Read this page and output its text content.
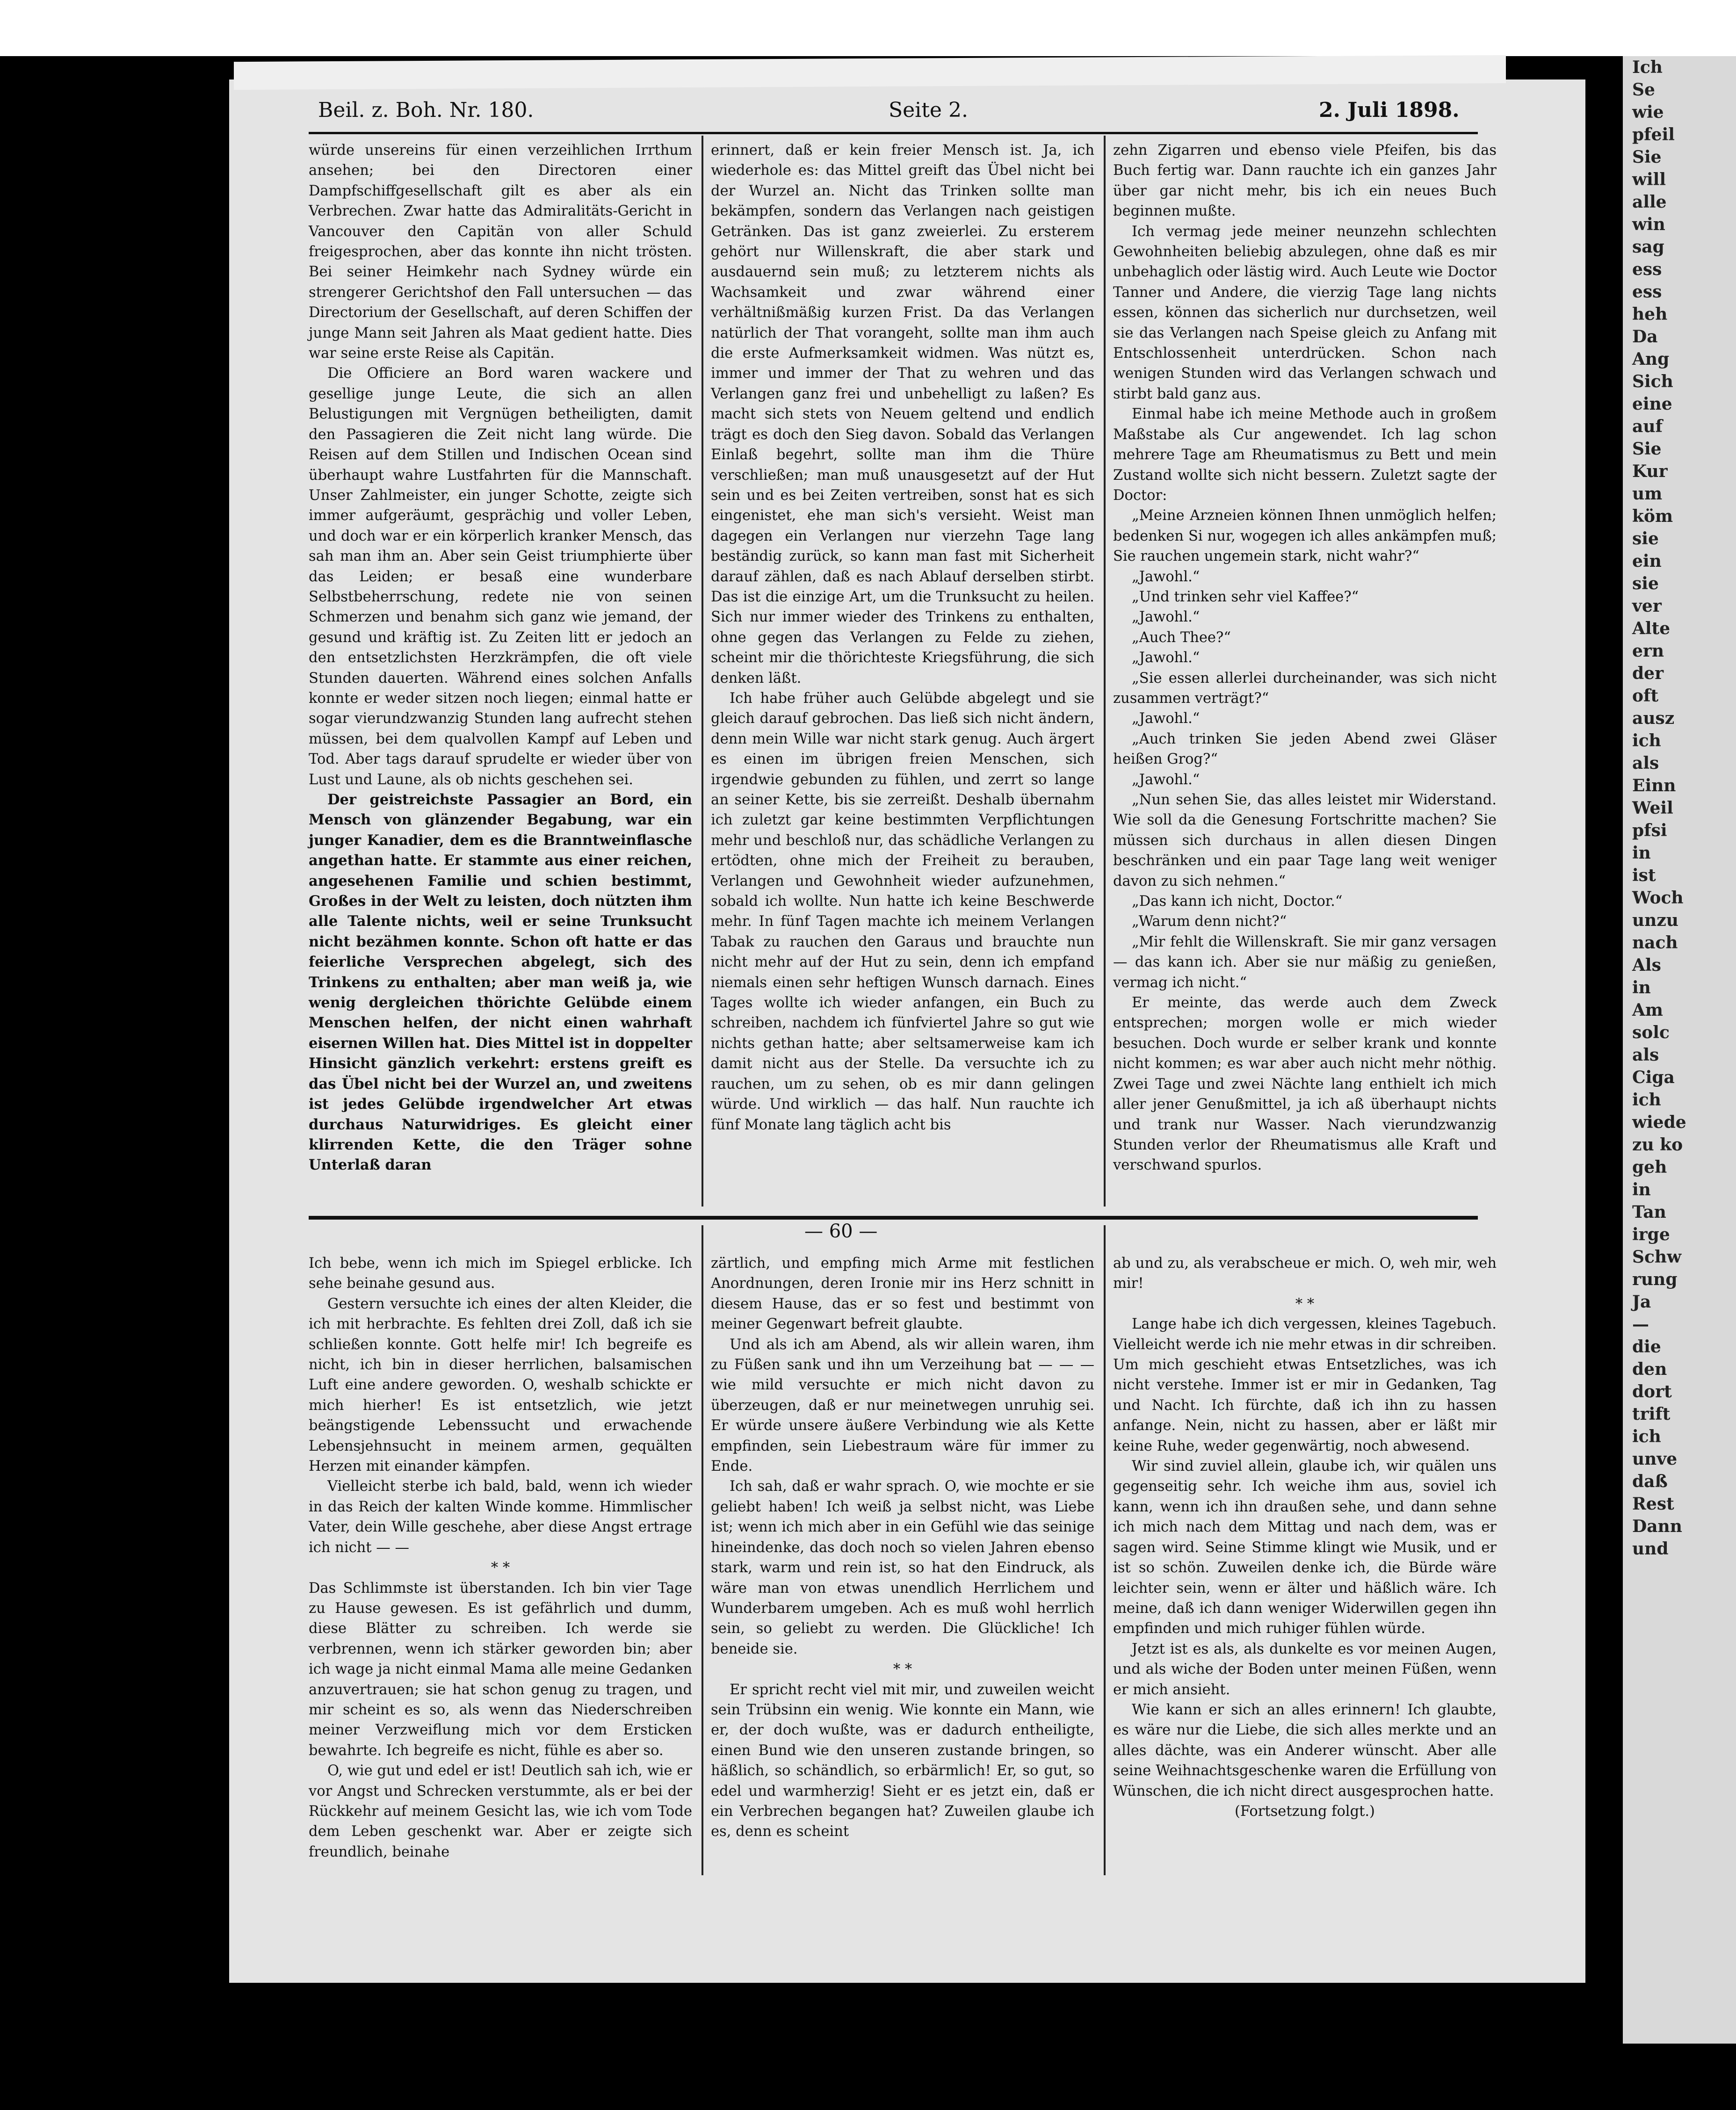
Ich
Se
wie
pfeil
Sie
will
alle
win
sag
ess
ess
heh
Da
Ang
Sich
eine
auf
Sie
Kur
um
köm
sie
ein
sie
ver
Alte
ern
der
oft
ausz
ich
als
Einn
Weil
pfsi
in
ist
Woch
unzu
nach
Als
in
Am
solc
als
Ciga
ich
wiede
zu ko
geh
in
Tan
irge
Schw
rung
Ja
—
die
den
dort
trift
ich
unve
daß
Rest
Dann
und
Beil. z. Boh. Nr. 180.	Seite 2.	2. Juli 1898.

würde unsereins für einen verzeihlichen Irrthum ansehen; bei den Directoren einer Dampfschiffgesellschaft gilt es aber als ein Verbrechen. Zwar hatte das Admiralitäts-Gericht in Vancouver den Capitän von aller Schuld freigesprochen, aber das konnte ihn nicht trösten. Bei seiner Heimkehr nach Sydney würde ein strengerer Gerichtshof den Fall untersuchen — das Directorium der Gesellschaft, auf deren Schiffen der junge Mann seit Jahren als Maat gedient hatte. Dies war seine erste Reise als Capitän.

Die Officiere an Bord waren wackere und gesellige junge Leute, die sich an allen Belustigungen mit Vergnügen betheiligten, damit den Passagieren die Zeit nicht lang würde. Die Reisen auf dem Stillen und Indischen Ocean sind überhaupt wahre Lustfahrten für die Mannschaft. Unser Zahlmeister, ein junger Schotte, zeigte sich immer aufgeräumt, gesprächig und voller Leben, und doch war er ein körperlich kranker Mensch, das sah man ihm an. Aber sein Geist triumphierte über das Leiden; er besaß eine wunderbare Selbstbeherrschung, redete nie von seinen Schmerzen und benahm sich ganz wie jemand, der gesund und kräftig ist. Zu Zeiten litt er jedoch an den entsetzlichsten Herzkrämpfen, die oft viele Stunden dauerten. Während eines solchen Anfalls konnte er weder sitzen noch liegen; einmal hatte er sogar vierundzwanzig Stunden lang aufrecht stehen müssen, bei dem qualvollen Kampf auf Leben und Tod. Aber tags darauf sprudelte er wieder über von Lust und Laune, als ob nichts geschehen sei.

Der geistreichste Passagier an Bord, ein Mensch von glänzender Begabung, war ein junger Kanadier, dem es die Branntweinflasche angethan hatte. Er stammte aus einer reichen, angesehenen Familie und schien bestimmt, Großes in der Welt zu leisten, doch nützten ihm alle Talente nichts, weil er seine Trunksucht nicht bezähmen konnte. Schon oft hatte er das feierliche Versprechen abgelegt, sich des Trinkens zu enthalten; aber man weiß ja, wie wenig dergleichen thörichte Gelübde einem Menschen helfen, der nicht einen wahrhaft eisernen Willen hat. Dies Mittel ist in doppelter Hinsicht gänzlich verkehrt: erstens greift es das Übel nicht bei der Wurzel an, und zweitens ist jedes Gelübde irgendwelcher Art etwas durchaus Naturwidriges. Es gleicht einer klirrenden Kette, die den Träger sohne Unterlaß daran

erinnert, daß er kein freier Mensch ist. Ja, ich wiederhole es: das Mittel greift das Übel nicht bei der Wurzel an. Nicht das Trinken sollte man bekämpfen, sondern das Verlangen nach geistigen Getränken. Das ist ganz zweierlei. Zu ersterem gehört nur Willenskraft, die aber stark und ausdauernd sein muß; zu letzterem nichts als Wachsamkeit und zwar während einer verhältnißmäßig kurzen Frist. Da das Verlangen natürlich der That vorangeht, sollte man ihm auch die erste Aufmerksamkeit widmen. Was nützt es, immer und immer der That zu wehren und das Verlangen ganz frei und unbehelligt zu laßen? Es macht sich stets von Neuem geltend und endlich trägt es doch den Sieg davon. Sobald das Verlangen Einlaß begehrt, sollte man ihm die Thüre verschließen; man muß unausgesetzt auf der Hut sein und es bei Zeiten vertreiben, sonst hat es sich eingenistet, ehe man sich's versieht. Weist man dagegen ein Verlangen nur vierzehn Tage lang beständig zurück, so kann man fast mit Sicherheit darauf zählen, daß es nach Ablauf derselben stirbt. Das ist die einzige Art, um die Trunksucht zu heilen. Sich nur immer wieder des Trinkens zu enthalten, ohne gegen das Verlangen zu Felde zu ziehen, scheint mir die thörichteste Kriegsführung, die sich denken läßt.

Ich habe früher auch Gelübde abgelegt und sie gleich darauf gebrochen. Das ließ sich nicht ändern, denn mein Wille war nicht stark genug. Auch ärgert es einen im übrigen freien Menschen, sich irgendwie gebunden zu fühlen, und zerrt so lange an seiner Kette, bis sie zerreißt. Deshalb übernahm ich zuletzt gar keine bestimmten Verpflichtungen mehr und beschloß nur, das schädliche Verlangen zu ertödten, ohne mich der Freiheit zu berauben, Verlangen und Gewohnheit wieder aufzunehmen, sobald ich wollte. Nun hatte ich keine Beschwerde mehr. In fünf Tagen machte ich meinem Verlangen Tabak zu rauchen den Garaus und brauchte nun nicht mehr auf der Hut zu sein, denn ich empfand niemals einen sehr heftigen Wunsch darnach. Eines Tages wollte ich wieder anfangen, ein Buch zu schreiben, nachdem ich fünfviertel Jahre so gut wie nichts gethan hatte; aber seltsamerweise kam ich damit nicht aus der Stelle. Da versuchte ich zu rauchen, um zu sehen, ob es mir dann gelingen würde. Und wirklich — das half. Nun rauchte ich fünf Monate lang täglich acht bis

zehn Zigarren und ebenso viele Pfeifen, bis das Buch fertig war. Dann rauchte ich ein ganzes Jahr über gar nicht mehr, bis ich ein neues Buch beginnen mußte.

Ich vermag jede meiner neunzehn schlechten Gewohnheiten beliebig abzulegen, ohne daß es mir unbehaglich oder lästig wird. Auch Leute wie Doctor Tanner und Andere, die vierzig Tage lang nichts essen, können das sicherlich nur durchsetzen, weil sie das Verlangen nach Speise gleich zu Anfang mit Entschlossenheit unterdrücken. Schon nach wenigen Stunden wird das Verlangen schwach und stirbt bald ganz aus.

Einmal habe ich meine Methode auch in großem Maßstabe als Cur angewendet. Ich lag schon mehrere Tage am Rheumatismus zu Bett und mein Zustand wollte sich nicht bessern. Zuletzt sagte der Doctor:

„Meine Arzneien können Ihnen unmöglich helfen; bedenken Si nur, wogegen ich alles ankämpfen muß; Sie rauchen ungemein stark, nicht wahr?“

„Jawohl.“

„Und trinken sehr viel Kaffee?“

„Jawohl.“

„Auch Thee?“

„Jawohl.“

„Sie essen allerlei durcheinander, was sich nicht zusammen verträgt?“

„Jawohl.“

„Auch trinken Sie jeden Abend zwei Gläser heißen Grog?“

„Jawohl.“

„Nun sehen Sie, das alles leistet mir Widerstand. Wie soll da die Genesung Fortschritte machen? Sie müssen sich durchaus in allen diesen Dingen beschränken und ein paar Tage lang weit weniger davon zu sich nehmen.“

„Das kann ich nicht, Doctor.“

„Warum denn nicht?“

„Mir fehlt die Willenskraft. Sie mir ganz versagen — das kann ich. Aber sie nur mäßig zu genießen, vermag ich nicht.“

Er meinte, das werde auch dem Zweck entsprechen; morgen wolle er mich wieder besuchen. Doch wurde er selber krank und konnte nicht kommen; es war aber auch nicht mehr nöthig. Zwei Tage und zwei Nächte lang enthielt ich mich aller jener Genußmittel, ja ich aß überhaupt nichts und trank nur Wasser. Nach vierundzwanzig Stunden verlor der Rheumatismus alle Kraft und verschwand spurlos.

— 60 —

Ich bebe, wenn ich mich im Spiegel erblicke. Ich sehe beinahe gesund aus.

Gestern versuchte ich eines der alten Kleider, die ich mit herbrachte. Es fehlten drei Zoll, daß ich sie schließen konnte. Gott helfe mir! Ich begreife es nicht, ich bin in dieser herrlichen, balsamischen Luft eine andere geworden. O, weshalb schickte er mich hierher! Es ist entsetzlich, wie jetzt beängstigende Lebenssucht und erwachende Lebensjehnsucht in meinem armen, gequälten Herzen mit einander kämpfen.

Vielleicht sterbe ich bald, bald, wenn ich wieder in das Reich der kalten Winde komme. Himmlischer Vater, dein Wille geschehe, aber diese Angst ertrage ich nicht — —

* *

Das Schlimmste ist überstanden. Ich bin vier Tage zu Hause gewesen. Es ist gefährlich und dumm, diese Blätter zu schreiben. Ich werde sie verbrennen, wenn ich stärker geworden bin; aber ich wage ja nicht einmal Mama alle meine Gedanken anzuvertrauen; sie hat schon genug zu tragen, und mir scheint es so, als wenn das Niederschreiben meiner Verzweiflung mich vor dem Ersticken bewahrte. Ich begreife es nicht, fühle es aber so.

O, wie gut und edel er ist! Deutlich sah ich, wie er vor Angst und Schrecken verstummte, als er bei der Rückkehr auf meinem Gesicht las, wie ich vom Tode dem Leben geschenkt war. Aber er zeigte sich freundlich, beinahe

zärtlich, und empfing mich Arme mit festlichen Anordnungen, deren Ironie mir ins Herz schnitt in diesem Hause, das er so fest und bestimmt von meiner Gegenwart befreit glaubte.

Und als ich am Abend, als wir allein waren, ihm zu Füßen sank und ihn um Verzeihung bat — — — wie mild versuchte er mich nicht davon zu überzeugen, daß er nur meinetwegen unruhig sei. Er würde unsere äußere Verbindung wie als Kette empfinden, sein Liebestraum wäre für immer zu Ende.

Ich sah, daß er wahr sprach. O, wie mochte er sie geliebt haben! Ich weiß ja selbst nicht, was Liebe ist; wenn ich mich aber in ein Gefühl wie das seinige hineindenke, das doch noch so vielen Jahren ebenso stark, warm und rein ist, so hat den Eindruck, als wäre man von etwas unendlich Herrlichem und Wunderbarem umgeben. Ach es muß wohl herrlich sein, so geliebt zu werden. Die Glückliche! Ich beneide sie.

* *

Er spricht recht viel mit mir, und zuweilen weicht sein Trübsinn ein wenig. Wie konnte ein Mann, wie er, der doch wußte, was er dadurch entheiligte, einen Bund wie den unseren zustande bringen, so häßlich, so schändlich, so erbärmlich! Er, so gut, so edel und warmherzig! Sieht er es jetzt ein, daß er ein Verbrechen begangen hat? Zuweilen glaube ich es, denn es scheint

ab und zu, als verabscheue er mich. O, weh mir, weh mir!

* *

Lange habe ich dich vergessen, kleines Tagebuch. Vielleicht werde ich nie mehr etwas in dir schreiben. Um mich geschieht etwas Entsetzliches, was ich nicht verstehe. Immer ist er mir in Gedanken, Tag und Nacht. Ich fürchte, daß ich ihn zu hassen anfange. Nein, nicht zu hassen, aber er läßt mir keine Ruhe, weder gegenwärtig, noch abwesend.

Wir sind zuviel allein, glaube ich, wir quälen uns gegenseitig sehr. Ich weiche ihm aus, soviel ich kann, wenn ich ihn draußen sehe, und dann sehne ich mich nach dem Mittag und nach dem, was er sagen wird. Seine Stimme klingt wie Musik, und er ist so schön. Zuweilen denke ich, die Bürde wäre leichter sein, wenn er älter und häßlich wäre. Ich meine, daß ich dann weniger Widerwillen gegen ihn empfinden und mich ruhiger fühlen würde.

Jetzt ist es als, als dunkelte es vor meinen Augen, und als wiche der Boden unter meinen Füßen, wenn er mich ansieht.

Wie kann er sich an alles erinnern! Ich glaubte, es wäre nur die Liebe, die sich alles merkte und an alles dächte, was ein Anderer wünscht. Aber alle seine Weihnachtsgeschenke waren die Erfüllung von Wünschen, die ich nicht direct ausgesprochen hatte.

(Fortsetzung folgt.)
